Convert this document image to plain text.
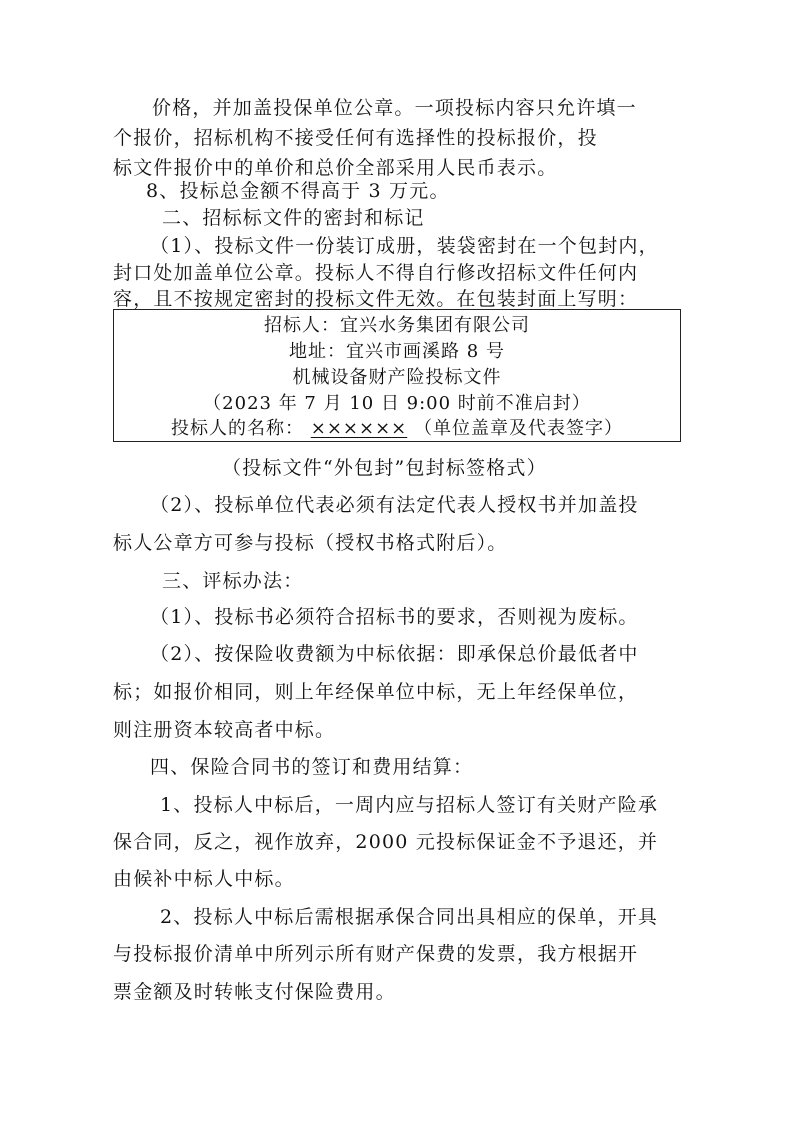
价格，并加盖投保单位公章。一项投标内容只允许填一
个报价，招标机构不接受任何有选择性的投标报价，投
标文件报价中的单价和总价全部采用人民币表示。
8、投标总金额不得高于 3 万元。
二、招标标文件的密封和标记
（1）、投标文件一份装订成册，装袋密封在一个包封内，
封口处加盖单位公章。投标人不得自行修改招标文件任何内
容，且不按规定密封的投标文件无效。在包装封面上写明：
招标人：宜兴水务集团有限公司
地址：宜兴市画溪路 8 号
机械设备财产险投标文件
（2023 年 7 月 10 日 9:00 时前不准启封）
投标人的名称： ×××××× （单位盖章及代表签字）
（投标文件“外包封”包封标签格式）
（2）、投标单位代表必须有法定代表人授权书并加盖投
标人公章方可参与投标（授权书格式附后）。
三、评标办法：
（1）、投标书必须符合招标书的要求，否则视为废标。
（2）、按保险收费额为中标依据：即承保总价最低者中
标；如报价相同，则上年经保单位中标，无上年经保单位，
则注册资本较高者中标。
四、保险合同书的签订和费用结算：
1、投标人中标后，一周内应与招标人签订有关财产险承
保合同，反之，视作放弃，2000 元投标保证金不予退还，并
由候补中标人中标。
2、投标人中标后需根据承保合同出具相应的保单，开具
与投标报价清单中所列示所有财产保费的发票，我方根据开
票金额及时转帐支付保险费用。
